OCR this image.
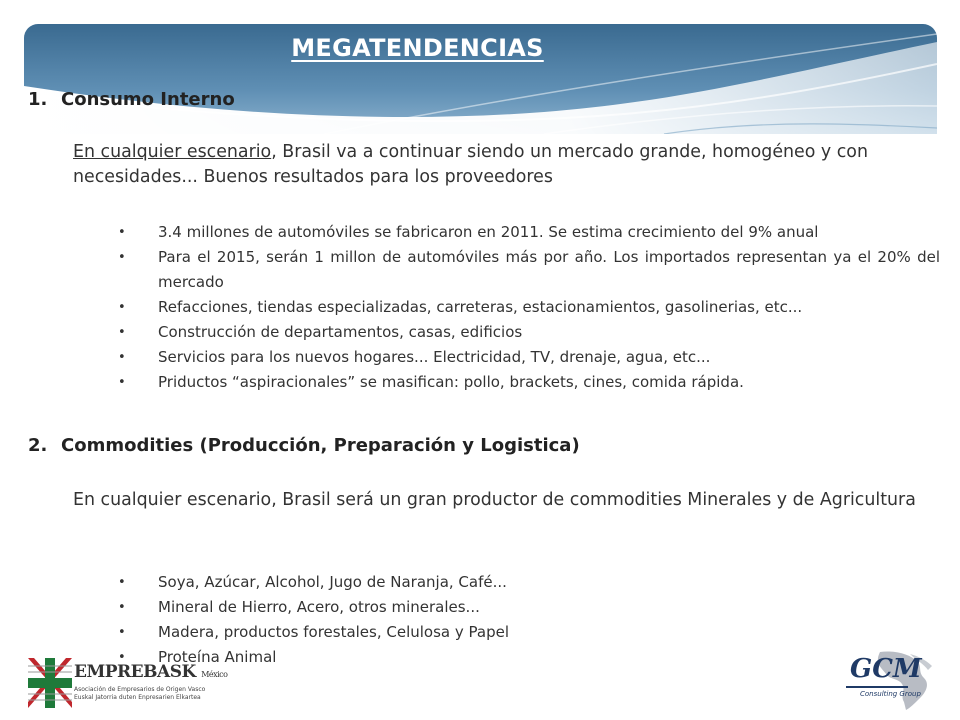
MEGATENDENCIAS
1. Consumo Interno
En cualquier escenario, Brasil va a continuar siendo un mercado grande, homogéneo y con necesidades... Buenos resultados para los proveedores
• 3.4 millones de automóviles se fabricaron en 2011. Se estima crecimiento del 9% anual
• Para el 2015, serán 1 millon de automóviles más por año. Los importados representan ya el 20% del mercado
• Refacciones, tiendas especializadas, carreteras, estacionamientos, gasolinerias, etc...
• Construcción de departamentos, casas, edificios
• Servicios para los nuevos hogares... Electricidad, TV, drenaje, agua, etc...
• Priductos “aspiracionales” se masifican: pollo, brackets, cines, comida rápida.
2. Commodities (Producción, Preparación y Logistica)
En cualquier escenario, Brasil será un gran productor de commodities Minerales y de Agricultura
• Soya, Azúcar, Alcohol, Jugo de Naranja, Café...
• Mineral de Hierro, Acero, otros minerales...
• Madera, productos forestales, Celulosa y Papel
• Proteína Animal
EMPREBASK México
Asociación de Empresarios de Origen Vasco
Euskal Jatorria duten Enpresarien Elkartea
GCM
Consulting Group
